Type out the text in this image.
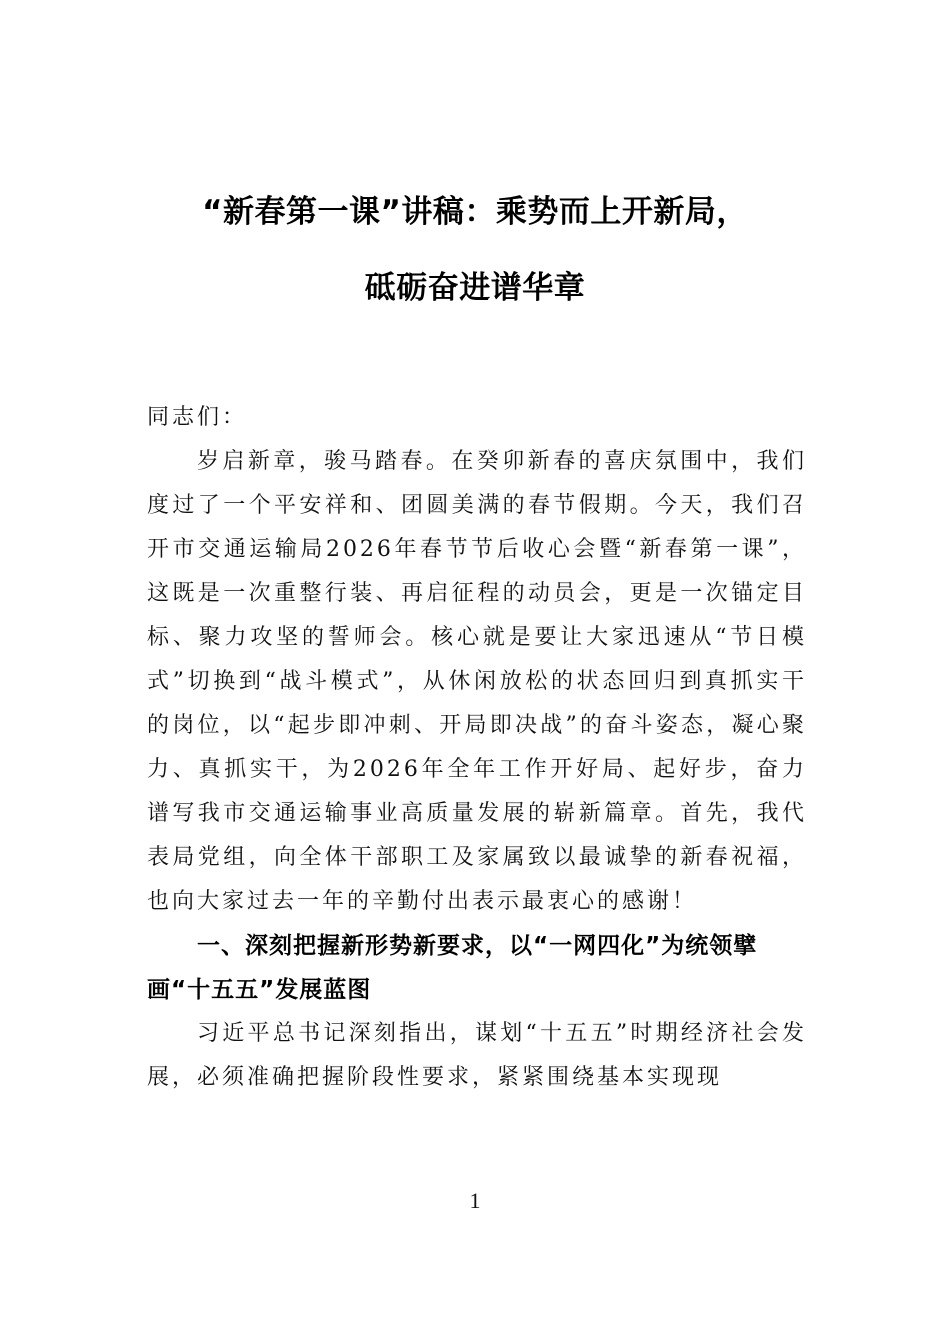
“新春第一课”讲稿：乘势而上开新局，
砥砺奋进谱华章

同志们：

岁启新章，骏马踏春。在癸卯新春的喜庆氛围中，我们度过了一个平安祥和、团圆美满的春节假期。今天，我们召开市交通运输局2026年春节节后收心会暨“新春第一课”，这既是一次重整行装、再启征程的动员会，更是一次锚定目标、聚力攻坚的誓师会。核心就是要让大家迅速从“节日模式”切换到“战斗模式”，从休闲放松的状态回归到真抓实干的岗位，以“起步即冲刺、开局即决战”的奋斗姿态，凝心聚力、真抓实干，为2026年全年工作开好局、起好步，奋力谱写我市交通运输事业高质量发展的崭新篇章。首先，我代表局党组，向全体干部职工及家属致以最诚挚的新春祝福，也向大家过去一年的辛勤付出表示最衷心的感谢！

一、深刻把握新形势新要求，以“一网四化”为统领擘画“十五五”发展蓝图

习近平总书记深刻指出，谋划“十五五”时期经济社会发展，必须准确把握阶段性要求，紧紧围绕基本实现现

1
